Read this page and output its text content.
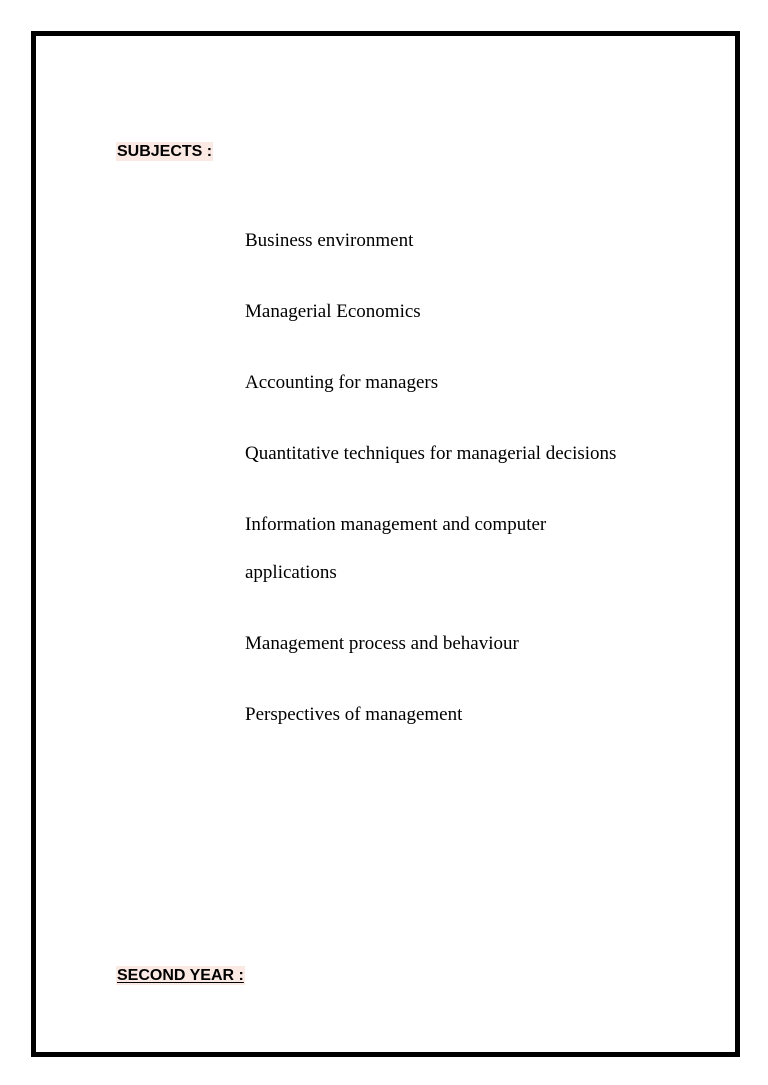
SUBJECTS :
Business environment
Managerial Economics
Accounting for managers
Quantitative techniques for managerial decisions
Information management and computer
applications
Management process and behaviour
Perspectives of management
SECOND YEAR :
